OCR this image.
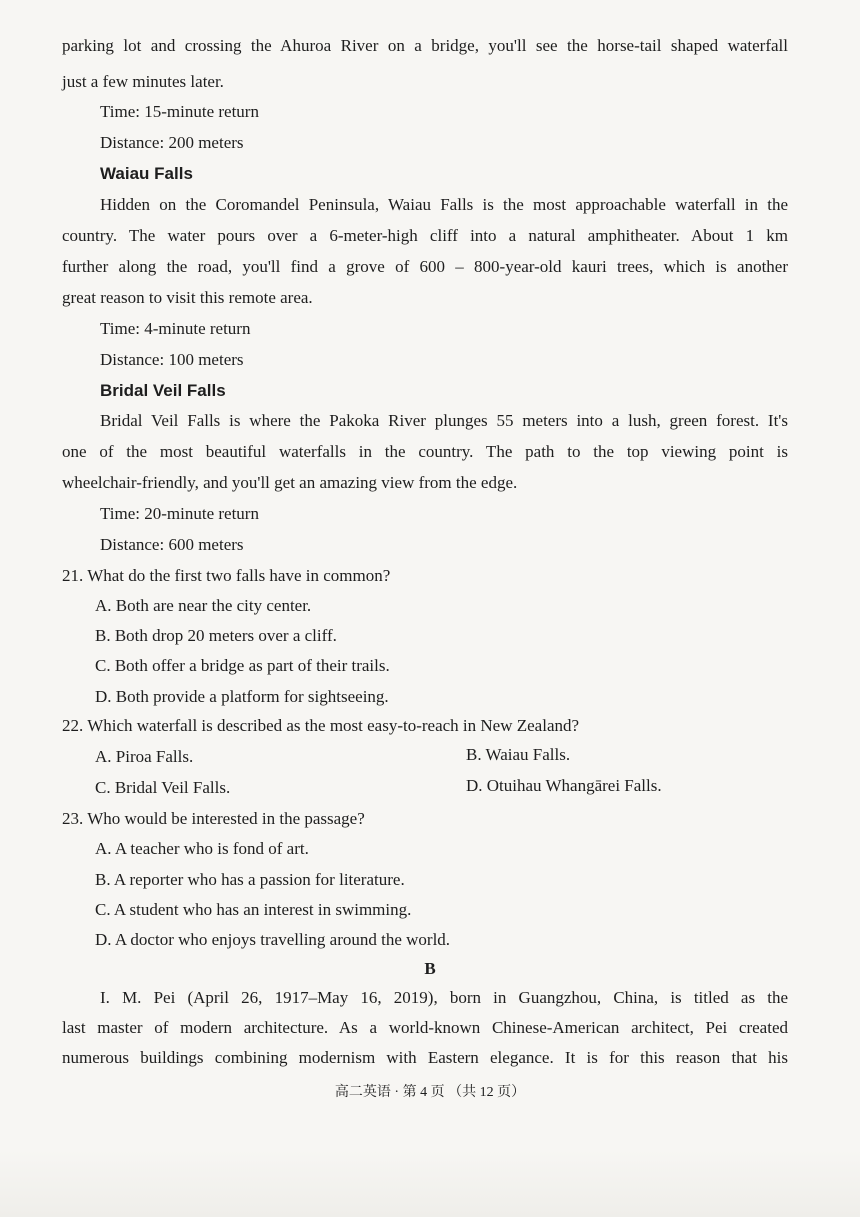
parking lot and crossing the Ahuroa River on a bridge, you'll see the horse-tail shaped waterfall
just a few minutes later.
Time: 15-minute return
Distance: 200 meters
Waiau Falls
Hidden on the Coromandel Peninsula, Waiau Falls is the most approachable waterfall in the
country. The water pours over a 6-meter-high cliff into a natural amphitheater. About 1 km
further along the road, you'll find a grove of 600 – 800-year-old kauri trees, which is another
great reason to visit this remote area.
Time: 4-minute return
Distance: 100 meters
Bridal Veil Falls
Bridal Veil Falls is where the Pakoka River plunges 55 meters into a lush, green forest. It's
one of the most beautiful waterfalls in the country. The path to the top viewing point is
wheelchair-friendly, and you'll get an amazing view from the edge.
Time: 20-minute return
Distance: 600 meters
21. What do the first two falls have in common?
A. Both are near the city center.
B. Both drop 20 meters over a cliff.
C. Both offer a bridge as part of their trails.
D. Both provide a platform for sightseeing.
22. Which waterfall is described as the most easy-to-reach in New Zealand?
A. Piroa Falls.	B. Waiau Falls.
C. Bridal Veil Falls.	D. Otuihau Whangārei Falls.
23. Who would be interested in the passage?
A. A teacher who is fond of art.
B. A reporter who has a passion for literature.
C. A student who has an interest in swimming.
D. A doctor who enjoys travelling around the world.
B
I. M. Pei (April 26, 1917–May 16, 2019), born in Guangzhou, China, is titled as the
last master of modern architecture. As a world-known Chinese-American architect, Pei created
numerous buildings combining modernism with Eastern elegance. It is for this reason that his
高二英语 · 第 4 页 （共 12 页）
